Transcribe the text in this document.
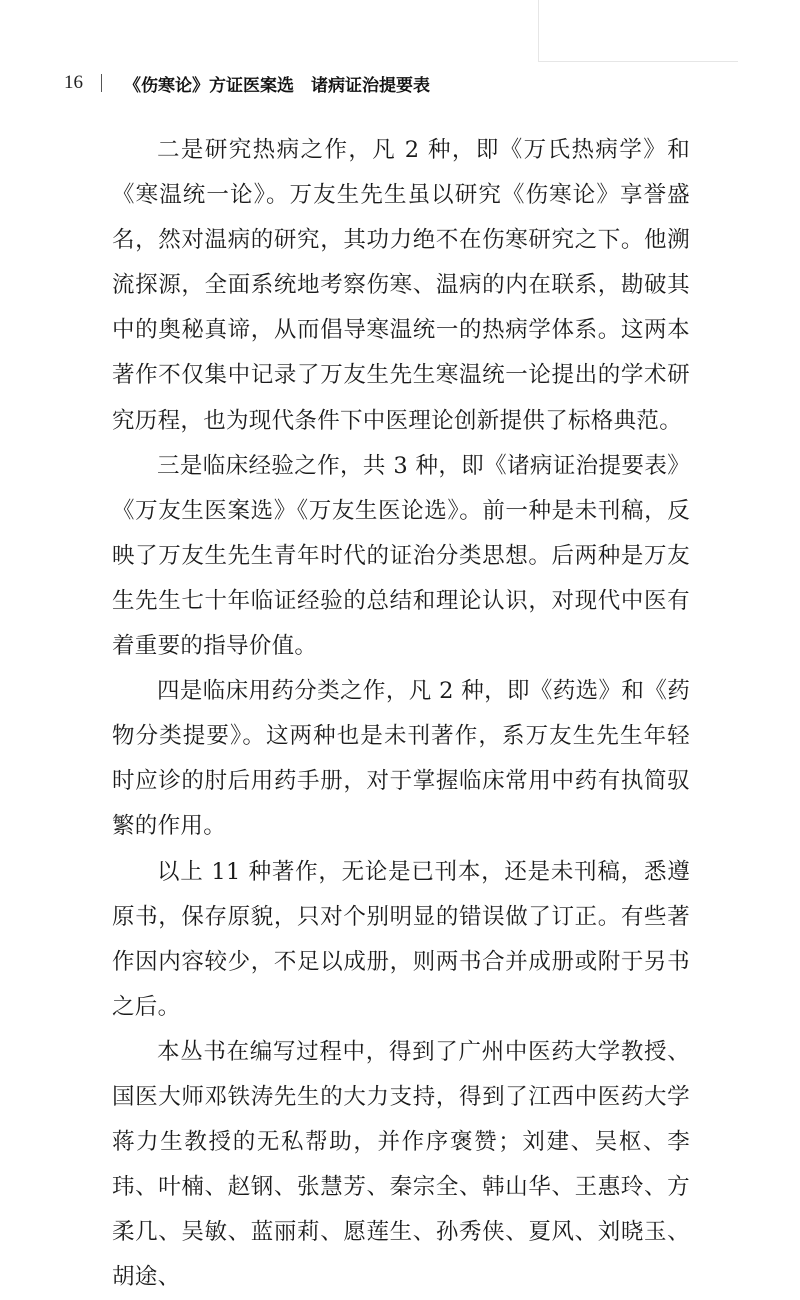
16 《伤寒论》方证医案选　诸病证治提要表

二是研究热病之作，凡 2 种，即《万氏热病学》和《寒温统一论》。万友生先生虽以研究《伤寒论》享誉盛名，然对温病的研究，其功力绝不在伤寒研究之下。他溯流探源，全面系统地考察伤寒、温病的内在联系，勘破其中的奥秘真谛，从而倡导寒温统一的热病学体系。这两本著作不仅集中记录了万友生先生寒温统一论提出的学术研究历程，也为现代条件下中医理论创新提供了标格典范。

三是临床经验之作，共 3 种，即《诸病证治提要表》《万友生医案选》《万友生医论选》。前一种是未刊稿，反映了万友生先生青年时代的证治分类思想。后两种是万友生先生七十年临证经验的总结和理论认识，对现代中医有着重要的指导价值。

四是临床用药分类之作，凡 2 种，即《药选》和《药物分类提要》。这两种也是未刊著作，系万友生先生年轻时应诊的肘后用药手册，对于掌握临床常用中药有执简驭繁的作用。

以上 11 种著作，无论是已刊本，还是未刊稿，悉遵原书，保存原貌，只对个别明显的错误做了订正。有些著作因内容较少，不足以成册，则两书合并成册或附于另书之后。

本丛书在编写过程中，得到了广州中医药大学教授、国医大师邓铁涛先生的大力支持，得到了江西中医药大学蒋力生教授的无私帮助，并作序褒赞；刘建、吴枢、李玮、叶楠、赵钢、张慧芳、秦宗全、韩山华、王惠玲、方柔几、吴敏、蓝丽莉、愿莲生、孙秀侠、夏风、刘晓玉、胡途、
